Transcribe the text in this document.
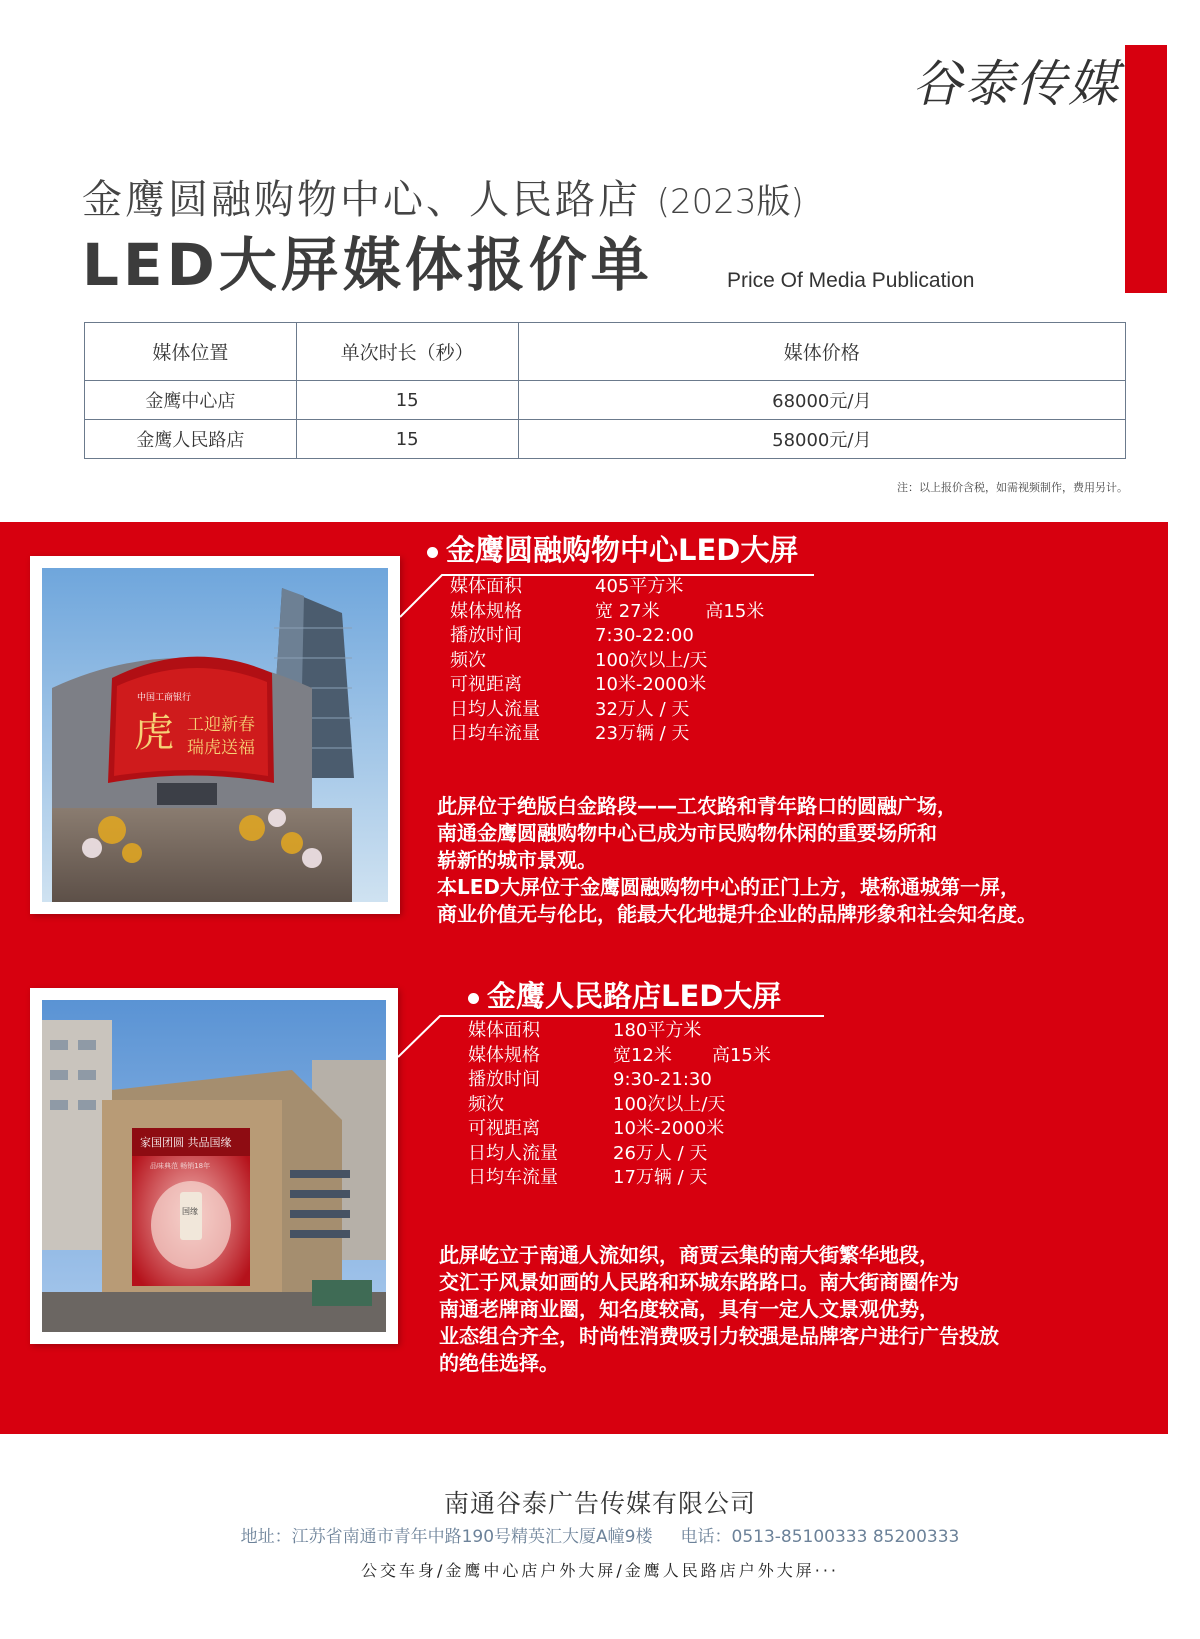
谷泰传媒
金鹰圆融购物中心、人民路店 (2023版)
LED大屏媒体报价单	Price Of Media Publication
媒体位置	单次时长（秒）	媒体价格
金鹰中心店	15	68000元/月
金鹰人民路店	15	58000元/月
注：以上报价含税，如需视频制作，费用另计。
中国工商银行
虎 工迎新春
瑞虎送福
金鹰圆融购物中心LED大屏
媒体面积	405平方米
媒体规格	宽 27米        高15米
播放时间	7:30-22:00
频次	100次以上/天
可视距离	10米-2000米
日均人流量	32万人 / 天
日均车流量	23万辆 / 天
此屏位于绝版白金路段——工农路和青年路口的圆融广场，
南通金鹰圆融购物中心已成为市民购物休闲的重要场所和
崭新的城市景观。
本LED大屏位于金鹰圆融购物中心的正门上方，堪称通城第一屏，
商业价值无与伦比，能最大化地提升企业的品牌形象和社会知名度。
家国团圆 共品国缘
品味典范 畅销18年
国缘
金鹰人民路店LED大屏
媒体面积	180平方米
媒体规格	宽12米       高15米
播放时间	9:30-21:30
频次	100次以上/天
可视距离	10米-2000米
日均人流量	26万人 / 天
日均车流量	17万辆 / 天
此屏屹立于南通人流如织，商贾云集的南大街繁华地段，
交汇于风景如画的人民路和环城东路路口。南大街商圈作为
南通老牌商业圈，知名度较高，具有一定人文景观优势，
业态组合齐全，时尚性消费吸引力较强是品牌客户进行广告投放
的绝佳选择。
南通谷泰广告传媒有限公司
地址：江苏省南通市青年中路190号精英汇大厦A幢9楼 电话：0513-85100333 85200333
公交车身/金鹰中心店户外大屏/金鹰人民路店户外大屏···
